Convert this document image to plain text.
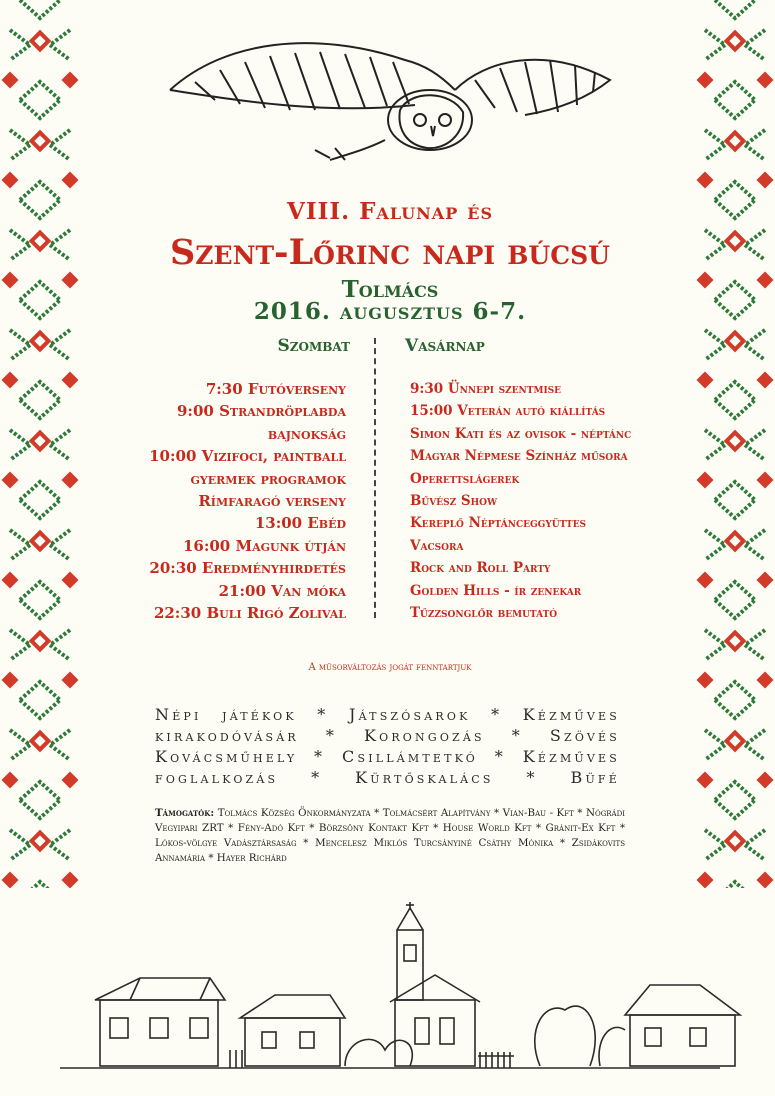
VIII. Falunap és

Szent-Lőrinc napi búcsú

Tolmács

2016. augusztus 6-7.

Szombat	Vasárnap

7:30 Futóverseny
9:00 Strandröplabda
bajnokság
10:00 Vizifoci, paintball
gyermek programok
Rímfaragó verseny
13:00 Ebéd
16:00 Magunk útján
20:30 Eredményhirdetés
21:00 Van móka
22:30 Buli Rigó Zolival
9:30 Ünnepi szentmise
15:00 Veterán autó kiállítás
Simon Kati és az ovisok - néptánc
Magyar Népmese Színház műsora
Operettslágerek
Bűvész Show
Kereplő Néptánceggyüttes
Vacsora
Rock and Roll Party
Golden Hills - ír zenekar
Tűzzsonglőr bemutató

A műsorváltozás jogát fenntartjuk

Népi játékok * Játszósarok * Kézműves
kirakodóvásár * Korongozás * Szövés
Kovácsműhely * Csillámtetkó * Kézműves
foglalkozás * Kürtőskalács * Büfé

Támogatók: Tolmács Község Önkormányzata * Tolmácsért Alapítvány * Vian-Bau - Kft * Nógrádi Vegyipari ZRT * Fény-Adó Kft * Börzsöny Kontakt Kft * House World Kft * Gránit-Ex Kft * Lókos-völgye Vadásztársaság * Mencelesz Miklós Turcsányiné Csáthy Mónika * Zsidákovits Annamária * Hayer Richárd
